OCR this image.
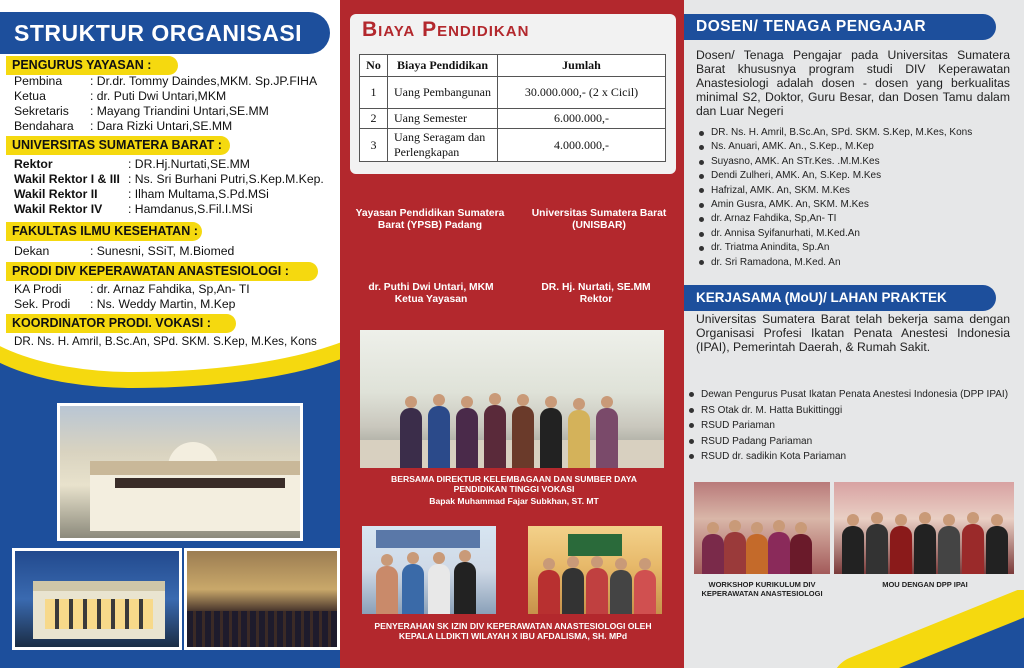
STRUKTUR ORGANISASI
PENGURUS YAYASAN :
Pembina : Dr.dr. Tommy Daindes,MKM. Sp.JP.FIHA
Ketua	: dr. Puti Dwi Untari,MKM
Sekretaris : Mayang Triandini Untari,SE.MM
Bendahara : Dara Rizki Untari,SE.MM
UNIVERSITAS SUMATERA BARAT :
Rektor	: DR.Hj.Nurtati,SE.MM
Wakil Rektor I & III : Ns. Sri Burhani Putri,S.Kep.M.Kep.
Wakil Rektor II : Ilham Multama,S.Pd.MSi
Wakil Rektor IV : Hamdanus,S.Fil.I.MSi
FAKULTAS ILMU KESEHATAN :
Dekan	: Sunesni, SSiT, M.Biomed
PRODI DIV KEPERAWATAN ANASTESIOLOGI :
KA Prodi : dr. Arnaz Fahdika, Sp,An- TI
Sek. Prodi : Ns. Weddy Martin, M.Kep
KOORDINATOR PRODI. VOKASI :
DR. Ns. H. Amril, B.Sc.An, SPd. SKM. S.Kep, M.Kes, Kons
Biaya Pendidikan
No	Biaya Pendidikan	Jumlah
1	Uang Pembangunan	30.000.000,- (2 x Cicil)
2	Uang Semester	6.000.000,-
3	Uang Seragam dan Perlengkapan	4.000.000,-
Yayasan Pendidikan Sumatera Barat (YPSB) Padang
Universitas Sumatera Barat (UNISBAR)
dr. Puthi Dwi Untari, MKM Ketua Yayasan
DR. Hj. Nurtati, SE.MM Rektor
BERSAMA DIREKTUR KELEMBAGAAN DAN SUMBER DAYA PENDIDIKAN TINGGI VOKASI
Bapak Muhammad Fajar Subkhan, ST. MT
PENYERAHAN SK IZIN DIV KEPERAWATAN ANASTESIOLOGI OLEH KEPALA LLDIKTI WILAYAH X IBU AFDALISMA, SH. MPd
DOSEN/ TENAGA PENGAJAR
Dosen/ Tenaga Pengajar pada Universitas Sumatera Barat khususnya program studi DIV Keperawatan Anastesiologi adalah dosen - dosen yang berkualitas minimal S2, Doktor, Guru Besar, dan Dosen Tamu dalam dan Luar Negeri
DR. Ns. H. Amril, B.Sc.An, SPd. SKM. S.Kep, M.Kes, Kons
Ns. Anuari, AMK. An., S.Kep., M.Kep
Suyasno, AMK. An STr.Kes. .M.M.Kes
Dendi Zulheri, AMK. An, S.Kep. M.Kes
Hafrizal, AMK. An, SKM. M.Kes
Amin Gusra, AMK. An, SKM. M.Kes
dr. Arnaz Fahdika, Sp,An- TI
dr. Annisa Syifanurhati, M.Ked.An
dr. Triatma Anindita, Sp.An
dr. Sri Ramadona, M.Ked. An
KERJASAMA (MoU)/ LAHAN PRAKTEK
Universitas Sumatera Barat telah bekerja sama dengan Organisasi Profesi Ikatan Penata Anestesi Indonesia (IPAI), Pemerintah Daerah, & Rumah Sakit.
Dewan Pengurus Pusat Ikatan Penata Anestesi Indonesia (DPP IPAI)
RS Otak dr. M. Hatta Bukittinggi
RSUD Pariaman
RSUD Padang Pariaman
RSUD dr. sadikin Kota Pariaman
WORKSHOP KURIKULUM DIV KEPERAWATAN ANASTESIOLOGI
MOU DENGAN DPP IPAI
